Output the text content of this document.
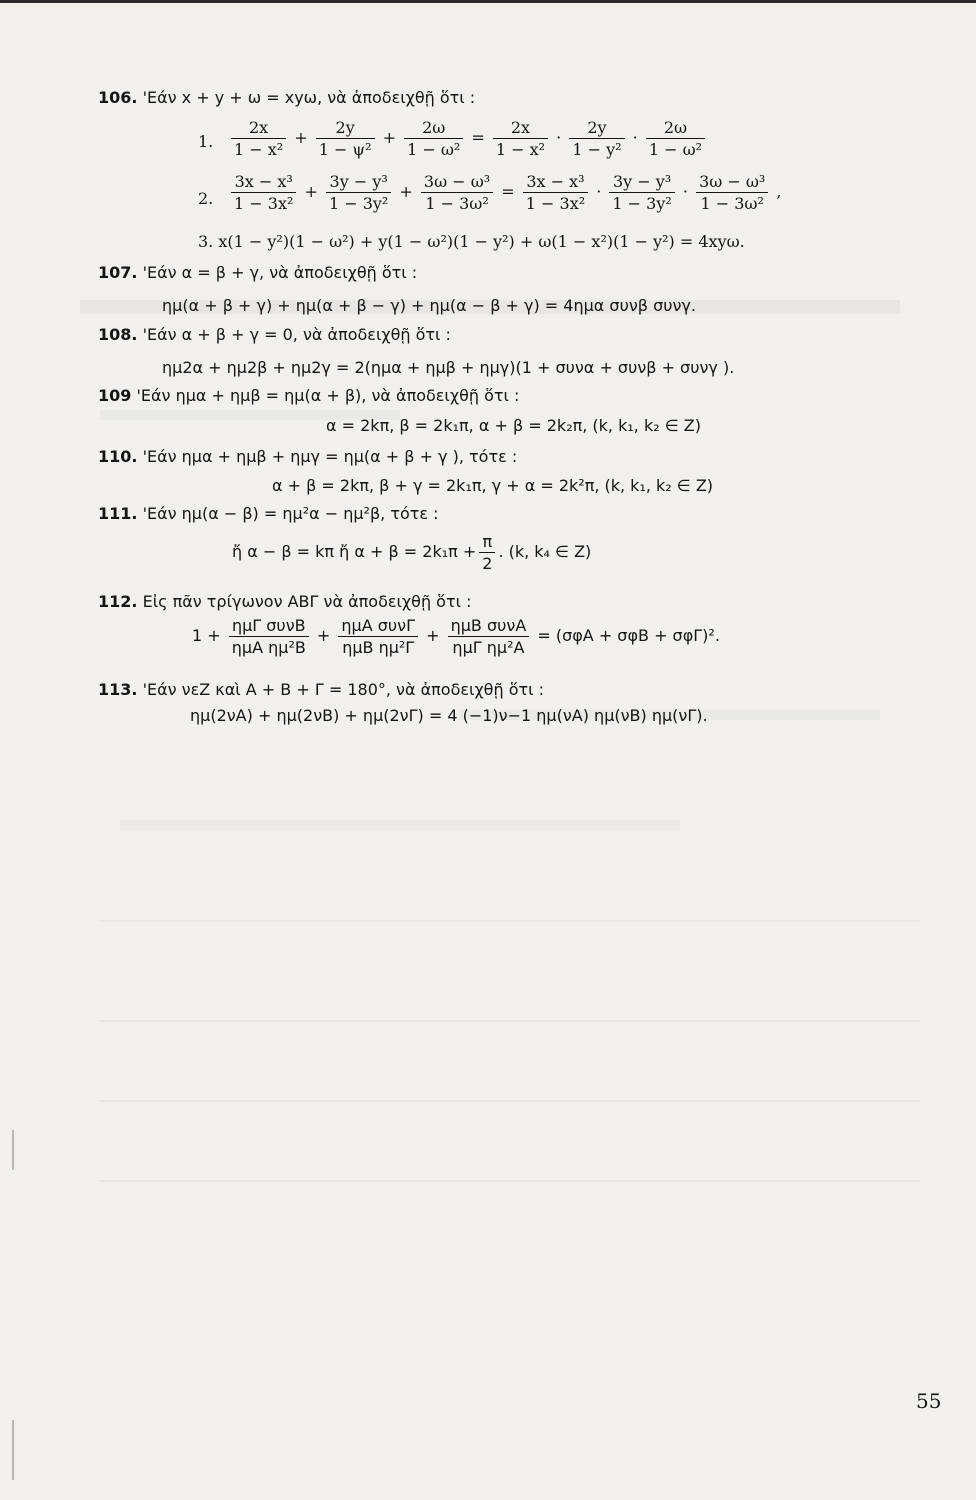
106. 'Εάν x + y + ω = xyω, νὰ ἀποδειχθῇ ὅτι :
1. $\frac{2x}{\text{1 − x²}} + \frac{2y}{\text{1 − ψ²}} + \frac{2\omega}{\text{1 − ω²}} = \frac{2x}{\text{1 − x²}} \cdot \frac{2y}{\text{1 − y²}} \cdot \frac{2\omega}{\text{1 − ω²}}$
2. $\frac{\text{3x − x³}}{\text{1 − 3x²}} + \frac{\text{3y − y³}}{\text{1 − 3y²}} + \frac{\text{3ω − ω³}}{\text{1 − 3ω²}} = \frac{\text{3x − x³}}{\text{1 − 3x²}} \cdot \frac{\text{3y − y³}}{\text{1 − 3y²}} \cdot \frac{\text{3ω − ω³}}{\text{1 − 3ω²}}$ ,
3. x(1 − y²)(1 − ω²) + y(1 − ω²)(1 − y²) + ω(1 − x²)(1 − y²) = 4xyω.
107. 'Εάν α = β + γ, νὰ ἀποδειχθῇ ὅτι :
ημ(α + β + γ) + ημ(α + β − γ) + ημ(α − β + γ) = 4ημα συνβ συνγ.
108. 'Εάν α + β + γ = 0, νὰ ἀποδειχθῇ ὅτι :
ημ2α + ημ2β + ημ2γ = 2(ημα + ημβ + ημγ)(1 + συνα + συνβ + συνγ ).
109 'Εάν ημα + ημβ = ημ(α + β), νὰ ἀποδειχθῇ ὅτι :
α = 2kπ, β = 2k₁π, α + β = 2k₂π, (k, k₁, k₂ ∈ Z)
110. 'Εάν ημα + ημβ + ημγ = ημ(α + β + γ ), τότε :
α + β = 2kπ, β + γ = 2k₁π, γ + α = 2k²π, (k, k₁, k₂ ∈ Z)
111. 'Εάν ημ(α − β) = ημ²α − ημ²β, τότε :
ἤ α − β = kπ ἤ $\alpha + \beta = 2k_1\pi + \frac{\pi}{2}$ . (k, k₄ ∈ Z)
112. Εἰς πᾶν τρίγωνον ΑΒΓ νὰ ἀποδειχθῇ ὅτι :
$1 + \frac{\text{ημΓ συνΒ}}{\text{ημΑ ημ²Β}} + \frac{\text{ημΑ συνΓ}}{\text{ημΒ ημ²Γ}} + \frac{\text{ημΒ συνΑ}}{\text{ημΓ ημ²Α}} = (\sigma\varphi A + \sigma\varphi B + \sigma\varphi\Gamma)^2$.
113. 'Εάν νεΖ καὶ Α + Β + Γ = 180°, νὰ ἀποδειχθῇ ὅτι :
ημ(2νΑ) + ημ(2νΒ) + ημ(2νΓ) = 4 (−1)ν−1 ημ(νΑ) ημ(νΒ) ημ(νΓ).
55
